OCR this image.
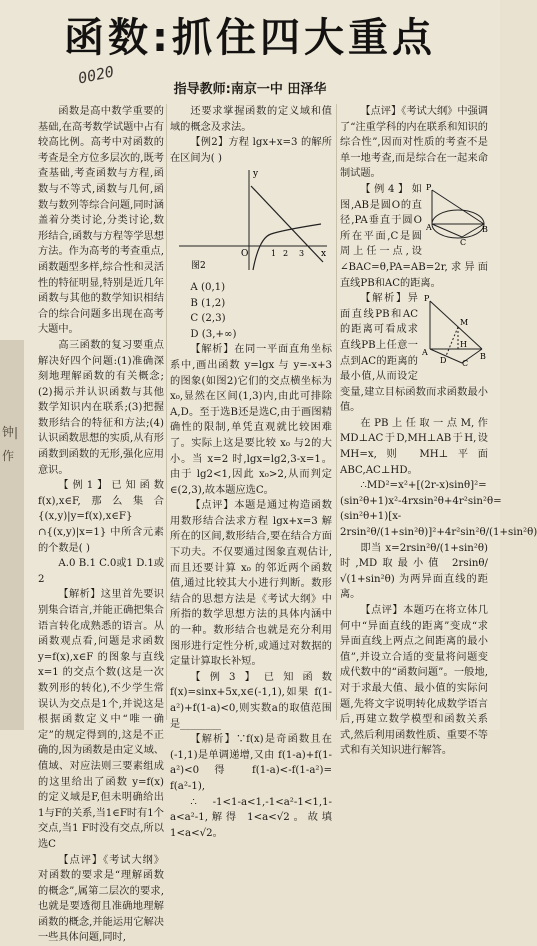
函数:抓住四大重点
0020
指导教师:南京一中 田泽华
钟|作

函数是高中数学重要的基础,在高考数学试题中占有较高比例。高考中对函数的考查是全方位多层次的,既考查基础,考查函数与方程,函数与不等式,函数与几何,函数与数列等综合问题,同时涵盖着分类讨论,分类讨论,数形结合,函数与方程等学思想方法。作为高考的考查重点,函数题型多样,综合性和灵活性的特征明显,特别是近几年函数与其他的数学知识相结合的综合问题多出现在高考大题中。

高三函数的复习要重点解决好四个问题:(1)准确深刻地理解函数的有关概念;(2)揭示并认识函数与其他数学知识内在联系;(3)把握数形结合的特征和方法;(4)认识函数思想的实质,从有形函数到函数的无形,强化应用意识。

【例1】已知函数 f(x),x∈F,那么集合{(x,y)|y=f(x),x∈F}∩{(x,y)|x=1} 中所含元素的个数是( )

A.0 B.1 C.0或1 D.1或2

【解析】这里首先要识别集合语言,并能正确把集合语言转化成熟悉的语言。从函数观点看,问题是求函数 y=f(x),x∈F 的图象与直线 x=1 的交点个数(这是一次数列形的转化),不少学生常误认为交点是1个,并说这是根据函数定义中“唯一确定”的规定得到的,这是不正确的,因为函数是由定义域、值域、对应法则三要素组成的这里给出了函数 y=f(x) 的定义域是F,但未明确给出1与F的关系,当1∈F时有1个交点,当1 F时没有交点,所以选C

【点评】《考试大纲》对函数的要求是“理解函数的概念”,属第二层次的要求,也就是要透彻且准确地理解函数的概念,并能运用它解决一些具体问题,同时,

还要求掌握函数的定义域和值域的概念及求法。

【例2】方程 lgx+x=3 的解所在区间为( )

y
x
O	3
1 2
图2

A (0,1)

B (1,2)

C (2,3)

D (3,+∞)

【解析】在同一平面直角坐标系中,画出函数 y=lgx 与 y=-x+3 的图象(如图2)它们的交点横坐标为 x₀,显然在区间(1,3)内,由此可排除A,D。至于选B还是选C,由于画图精确性的限制,单凭直观就比较困难了。实际上这是要比较 x₀ 与2的大小。当 x=2 时,lgx=lg2,3-x=1。由于 lg2<1,因此 x₀>2,从而判定 ∈(2,3),故本题应选C。

【点评】本题是通过构造函数用数形结合法求方程 lgx+x=3 解所在的区间,数形结合,要在结合方面下功夫。不仅要通过图象直观估计,而且还要计算 x₀ 的邻近两个函数值,通过比较其大小进行判断。数形结合的思想方法是《考试大纲》中所指的数学思想方法的具体内涵中的一种。数形结合也就是充分利用图形进行定性分析,或通过对数据的定量计算取长补短。

【例3】已知函数 f(x)=sinx+5x,x∈(-1,1),如果 f(1-a²)+f(1-a)<0,则实数a的取值范围是________

【解析】∵f(x)是奇函数且在(-1,1)是单调递增,又由 f(1-a)+f(1-a²)<0 得 f(1-a)<-f(1-a²)= f(a²-1),

∴ -1<1-a<1,-1<a²-1<1,1-a<a²-1,解得 1<a<√2。故填 1<a<√2。

【点评】《考试大纲》中强调了“注重学科的内在联系和知识的综合性”,因而对性质的考查不是单一地考查,而是综合在一起来命制试题。

P
A	B
C

【例4】如图,AB是圆O的直径,PA垂直于圆O所在平面,C是圆周上任一点,设∠BAC=θ,PA=AB=2r,求异面直线PB和AC的距离。

P
M
A	B
C
D
H

【解析】异面直线PB和AC的距离可看成求直线PB上任意一点到AC的距离的最小值,从而设定变量,建立目标函数而求函数最小值。

在PB上任取一点M,作MD⊥AC于D,MH⊥AB于H,设 MH=x,则 MH⊥平面ABC,AC⊥HD。

∴MD²=x²+[(2r-x)sinθ]²=(sin²θ+1)x²-4rxsin²θ+4r²sin²θ=(sin²θ+1)[x-2rsin²θ/(1+sin²θ)]²+4r²sin²θ/(1+sin²θ)

即当 x=2rsin²θ/(1+sin²θ) 时,MD取最小值 2rsinθ/√(1+sin²θ) 为两异面直线的距离。

【点评】本题巧在将立体几何中“异面直线的距离”变成“求异面直线上两点之间距离的最小值”,并设立合适的变量将问题变成代数中的“函数问题”。一般地,对于求最大值、最小值的实际问题,先将文字说明转化成数学语言后,再建立数学模型和函数关系式,然后利用函数性质、重要不等式和有关知识进行解答。
